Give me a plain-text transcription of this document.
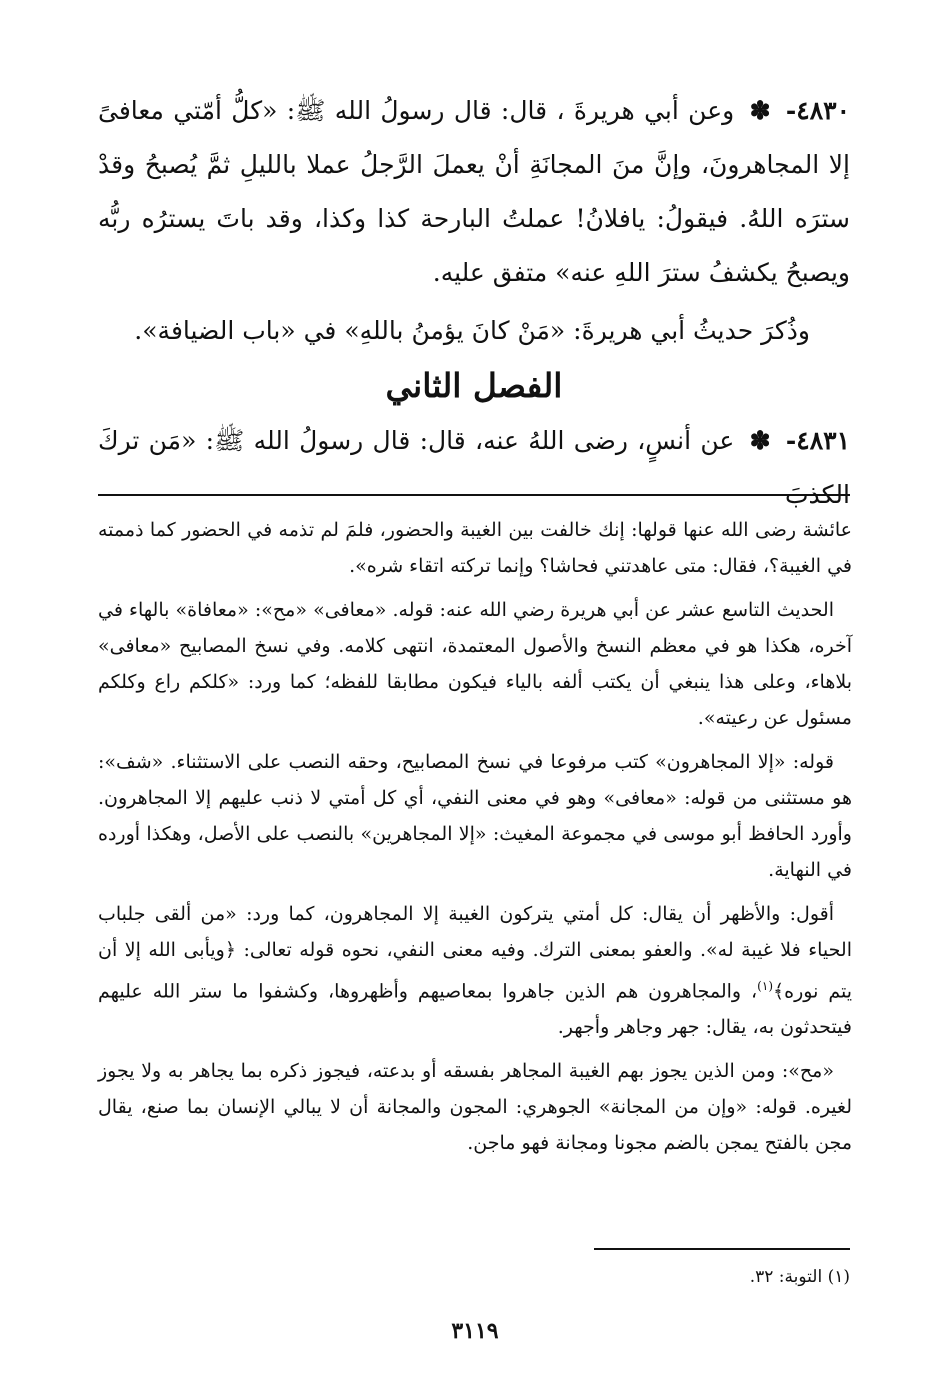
٤٨٣٠- ✽ وعن أبي هريرةَ ، قال: قال رسولُ الله ﷺ: «كلُّ أمّتي معافىً إلا المجاهرونَ، وإنَّ منَ المجانَةِ أنْ يعملَ الرَّجلُ عملا بالليلِ ثمَّ يُصبحُ وقدْ سترَه اللهُ. فيقولُ: يافلانُ! عملتُ البارحة كذا وكذا، وقد باتَ يسترُه ربُّه ويصبحُ يكشفُ سترَ اللهِ عنه» متفق عليه.

وذُكرَ حديثُ أبي هريرةَ: «مَنْ كانَ يؤمنُ باللهِ» في «باب الضيافة».

الفصل الثاني

٤٨٣١- ✽ عن أنسٍ، رضى اللهُ عنه، قال: قال رسولُ الله ﷺ: «مَن تركَ الكذبَ

عائشة رضى الله عنها قولها: إنك خالفت بين الغيبة والحضور، فلمَ لم تذمه في الحضور كما ذممته في الغيبة؟، فقال: متى عاهدتني فحاشا؟ وإنما تركته اتقاء شره».

الحديث التاسع عشر عن أبي هريرة رضي الله عنه: قوله. «معافى» «مح»: «معافاة» بالهاء في آخره، هكذا هو في معظم النسخ والأصول المعتمدة، انتهى كلامه. وفي نسخ المصابيح «معافى» بلاهاء، وعلى هذا ينبغي أن يكتب ألفه بالياء فيكون مطابقا للفظه؛ كما ورد: «كلكم راع وكلكم مسئول عن رعيته».

قوله: «إلا المجاهرون» كتب مرفوعا في نسخ المصابيح، وحقه النصب على الاستثناء. «شف»: هو مستثنى من قوله: «معافى» وهو في معنى النفي، أي كل أمتي لا ذنب عليهم إلا المجاهرون. وأورد الحافظ أبو موسى في مجموعة المغيث: «إلا المجاهرين» بالنصب على الأصل، وهكذا أورده في النهاية.

أقول: والأظهر أن يقال: كل أمتي يتركون الغيبة إلا المجاهرون، كما ورد: «من ألقى جلباب الحياء فلا غيبة له». والعفو بمعنى الترك. وفيه معنى النفي، نحوه قوله تعالى: ﴿ويأبى الله إلا أن يتم نوره﴾$^{(١)}$، والمجاهرون هم الذين جاهروا بمعاصيهم وأظهروها، وكشفوا ما ستر الله عليهم فيتحدثون به، يقال: جهر وجاهر وأجهر.

«مح»: ومن الذين يجوز بهم الغيبة المجاهر بفسقه أو بدعته، فيجوز ذكره بما يجاهر به ولا يجوز لغيره. قوله: «وإن من المجانة» الجوهري: المجون والمجانة أن لا يبالي الإنسان بما صنع، يقال مجن بالفتح يمجن بالضم مجونا ومجانة فهو ماجن.

(١) التوبة: ٣٢.
٣١١٩
